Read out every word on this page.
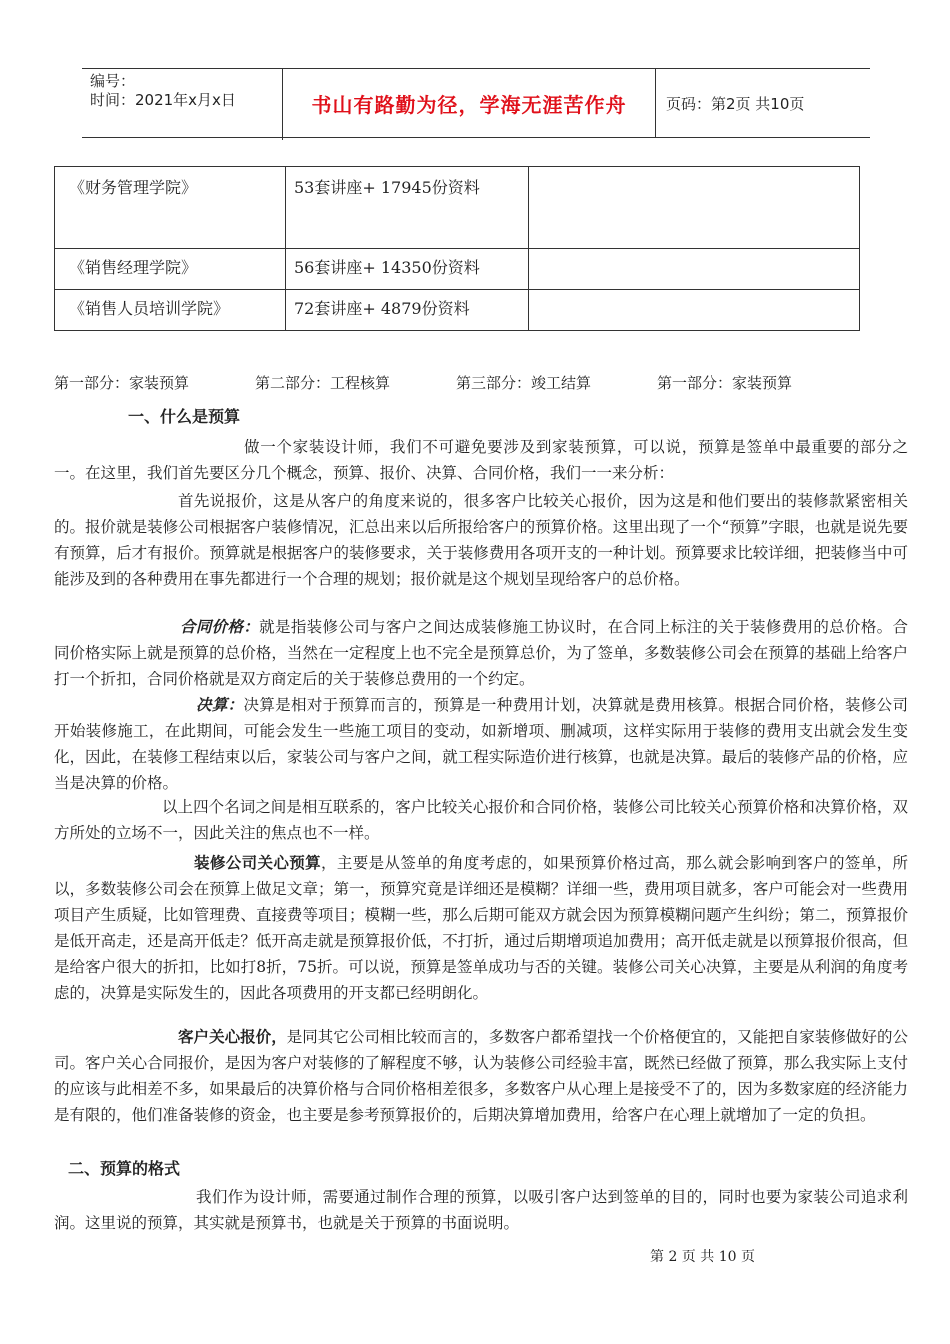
编号：
时间：2021年x月x日	书山有路勤为径，学海无涯苦作舟	页码：第2页 共10页
《财务管理学院》	53套讲座+ 17945份资料	

《销售经理学院》	56套讲座+ 14350份资料	
《销售人员培训学院》	72套讲座+ 4879份资料	
第一部分：家装预算	第二部分：工程核算	第三部分：竣工结算	第一部分：家装预算
一、什么是预算

做一个家装设计师，我们不可避免要涉及到家装预算，可以说，预算是签单中最重要的部分之一。在这里，我们首先要区分几个概念，预算、报价、决算、合同价格，我们一一来分析：

首先说报价，这是从客户的角度来说的，很多客户比较关心报价，因为这是和他们要出的装修款紧密相关的。报价就是装修公司根据客户装修情况，汇总出来以后所报给客户的预算价格。这里出现了一个“预算”字眼，也就是说先要有预算，后才有报价。预算就是根据客户的装修要求，关于装修费用各项开支的一种计划。预算要求比较详细，把装修当中可能涉及到的各种费用在事先都进行一个合理的规划；报价就是这个规划呈现给客户的总价格。

合同价格：就是指装修公司与客户之间达成装修施工协议时，在合同上标注的关于装修费用的总价格。合同价格实际上就是预算的总价格，当然在一定程度上也不完全是预算总价，为了签单，多数装修公司会在预算的基础上给客户打一个折扣，合同价格就是双方商定后的关于装修总费用的一个约定。

决算：决算是相对于预算而言的，预算是一种费用计划，决算就是费用核算。根据合同价格，装修公司开始装修施工，在此期间，可能会发生一些施工项目的变动，如新增项、删减项，这样实际用于装修的费用支出就会发生变化，因此，在装修工程结束以后，家装公司与客户之间，就工程实际造价进行核算，也就是决算。最后的装修产品的价格，应当是决算的价格。

以上四个名词之间是相互联系的，客户比较关心报价和合同价格，装修公司比较关心预算价格和决算价格，双方所处的立场不一，因此关注的焦点也不一样。

装修公司关心预算，主要是从签单的角度考虑的，如果预算价格过高，那么就会影响到客户的签单，所以，多数装修公司会在预算上做足文章；第一，预算究竟是详细还是模糊？详细一些，费用项目就多，客户可能会对一些费用项目产生质疑，比如管理费、直接费等项目；模糊一些，那么后期可能双方就会因为预算模糊问题产生纠纷；第二，预算报价是低开高走，还是高开低走？低开高走就是预算报价低，不打折，通过后期增项追加费用；高开低走就是以预算报价很高，但是给客户很大的折扣，比如打8折，75折。可以说，预算是签单成功与否的关键。装修公司关心决算，主要是从利润的角度考虑的，决算是实际发生的，因此各项费用的开支都已经明朗化。

客户关心报价，是同其它公司相比较而言的，多数客户都希望找一个价格便宜的，又能把自家装修做好的公司。客户关心合同报价，是因为客户对装修的了解程度不够，认为装修公司经验丰富，既然已经做了预算，那么我实际上支付的应该与此相差不多，如果最后的决算价格与合同价格相差很多，多数客户从心理上是接受不了的，因为多数家庭的经济能力是有限的，他们准备装修的资金，也主要是参考预算报价的，后期决算增加费用，给客户在心理上就增加了一定的负担。

二、预算的格式

我们作为设计师，需要通过制作合理的预算，以吸引客户达到签单的目的，同时也要为家装公司追求利润。这里说的预算，其实就是预算书，也就是关于预算的书面说明。

第 2 页 共 10 页
